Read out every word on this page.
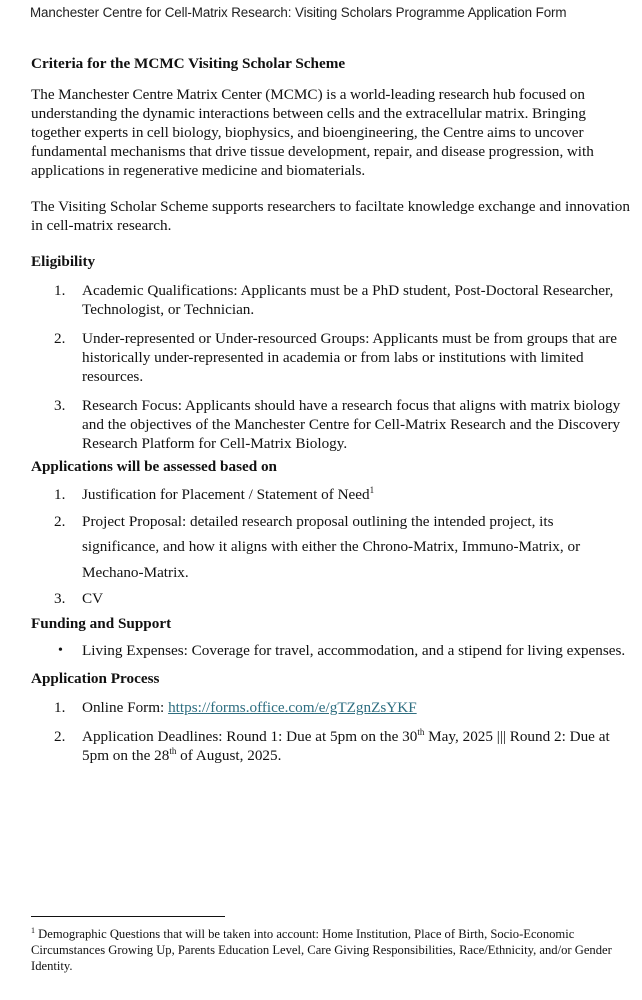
Manchester Centre for Cell-Matrix Research: Visiting Scholars Programme Application Form
Criteria for the MCMC Visiting Scholar Scheme

The Manchester Centre Matrix Center (MCMC) is a world-leading research hub focused on understanding the dynamic interactions between cells and the extracellular matrix. Bringing together experts in cell biology, biophysics, and bioengineering, the Centre aims to uncover fundamental mechanisms that drive tissue development, repair, and disease progression, with applications in regenerative medicine and biomaterials.

The Visiting Scholar Scheme supports researchers to faciltate knowledge exchange and innovation in cell-matrix research.

Eligibility
1. Academic Qualifications: Applicants must be a PhD student, Post-Doctoral Researcher, Technologist, or Technician.
2. Under-represented or Under-resourced Groups: Applicants must be from groups that are historically under-represented in academia or from labs or institutions with limited resources.
3. Research Focus: Applicants should have a research focus that aligns with matrix biology and the objectives of the Manchester Centre for Cell-Matrix Research and the Discovery Research Platform for Cell-Matrix Biology.
Applications will be assessed based on
1. Justification for Placement / Statement of Need$^1$
2. Project Proposal: detailed research proposal outlining the intended project, its significance, and how it aligns with either the Chrono-Matrix, Immuno-Matrix, or Mechano-Matrix.
3. CV
Funding and Support
• Living Expenses: Coverage for travel, accommodation, and a stipend for living expenses.
Application Process
1. Online Form: https://forms.office.com/e/gTZgnZsYKF
2. Application Deadlines: Round 1: Due at 5pm on the 30th May, 2025 ||| Round 2: Due at 5pm on the 28th of August, 2025.
$^1$ Demographic Questions that will be taken into account: Home Institution, Place of Birth, Socio-Economic Circumstances Growing Up, Parents Education Level, Care Giving Responsibilities, Race/Ethnicity, and/or Gender Identity.
